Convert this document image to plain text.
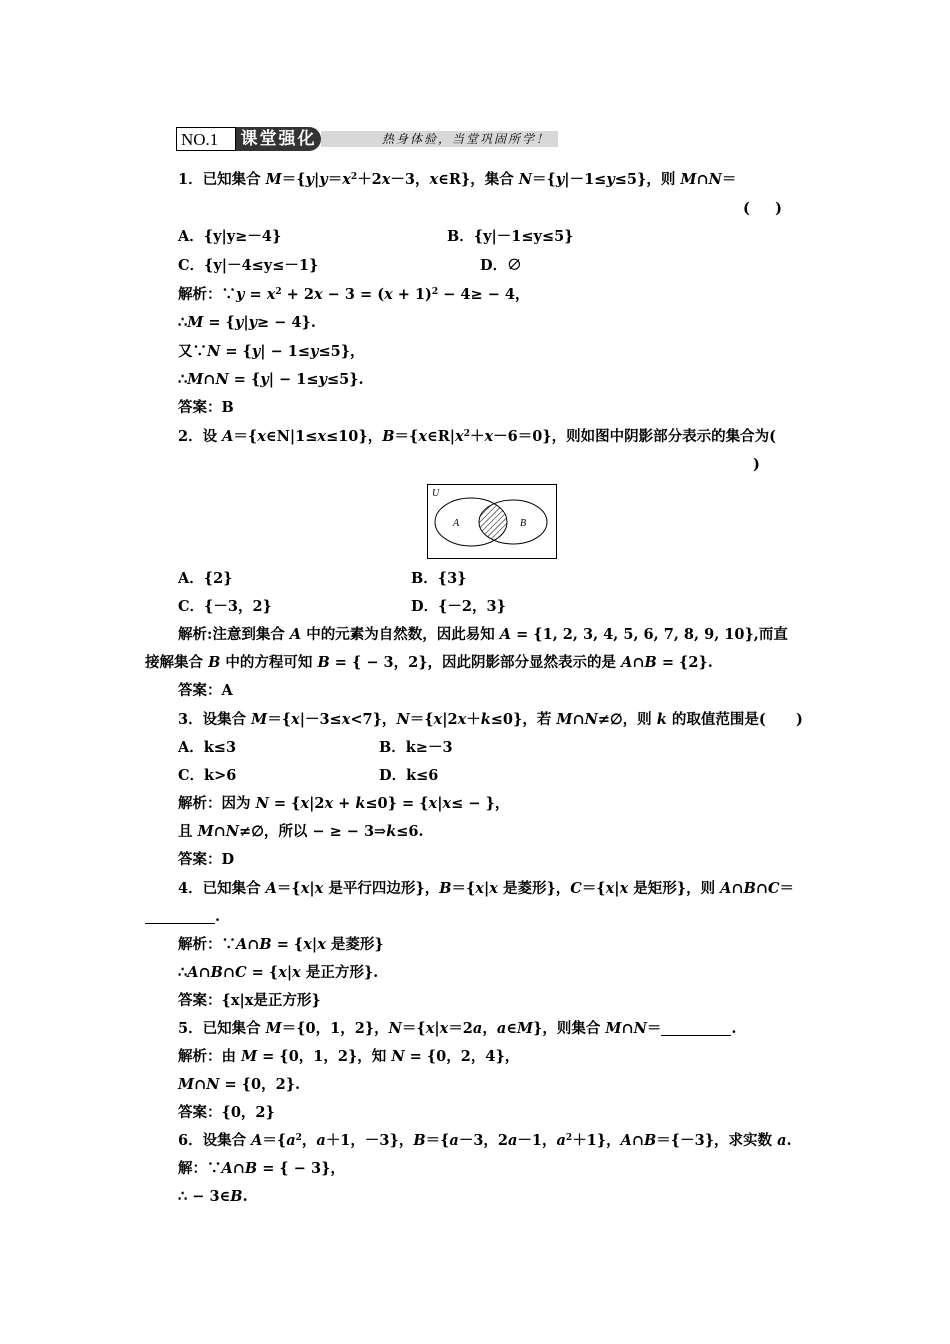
NO.1	课堂强化	热身体验，当堂巩固所学！
1．已知集合 $M=\{y|y=x^2+2x-3$，x∈R}，集合 N＝{y|－1≤y≤5}，则 M∩N＝
(     )
A．{y|y≥－4}	B．{y|－1≤y≤5}
C．{y|－4≤y≤－1}	D．∅
解析：∵y = $x^2 + 2x - 3 = (x + 1)^2 - 4\ge - 4$，
∴M = {y|y≥ − 4}.
又∵N = {y| − 1≤y≤5}，
∴M∩N = {y| − 1≤y≤5}.
答案：B
2．设 A＝{x∈N|1≤x≤10}，$B=\{x\in R|x^2+x-6=0\}$，则如图中阴影部分表示的集合为(
)
U
A	B
A．{2}	B．{3}
C．{－3，2}	D．{－2，3}
解析:注意到集合 A 中的元素为自然数，因此易知 A = {1, 2, 3, 4, 5, 6, 7, 8, 9, 10},而直
接解集合 B 中的方程可知 B = { − 3，2}，因此阴影部分显然表示的是 A∩B = {2}.
答案：A
3．设集合 M＝{x|－3≤x<7}，N＝{x|2x＋k≤0}，若 M∩N≠∅，则 k 的取值范围是(      )
A．k≤3	B．k≥－3
C．k>6	D．k≤6
解析：因为 N = {x|2x + k≤0} = {x|x≤ − }，
且 M∩N≠∅，所以 − ≥ − 3⇒k≤6.
答案：D
4．已知集合 A＝{x|x 是平行四边形}，B＝{x|x 是菱形}，C＝{x|x 是矩形}，则 A∩B∩C＝
.
解析：∵A∩B = {x|x 是菱形}
∴A∩B∩C = {x|x 是正方形}.
答案：{x|x是正方形}
5．已知集合 M＝{0，1，2}，N＝{x|x＝2a，a∈M}，则集合 M∩N＝	.
解析：由 M = {0，1，2}，知 N = {0，2，4}，
M∩N = {0，2}.
答案：{0，2}
6．设集合 $A=\{a^2$，a＋1，－3}，B＝{a－3，2a－1，$a^2+1$}，A∩B＝{－3}，求实数 a.
解：∵A∩B = { − 3}，
∴ − 3∈B.
